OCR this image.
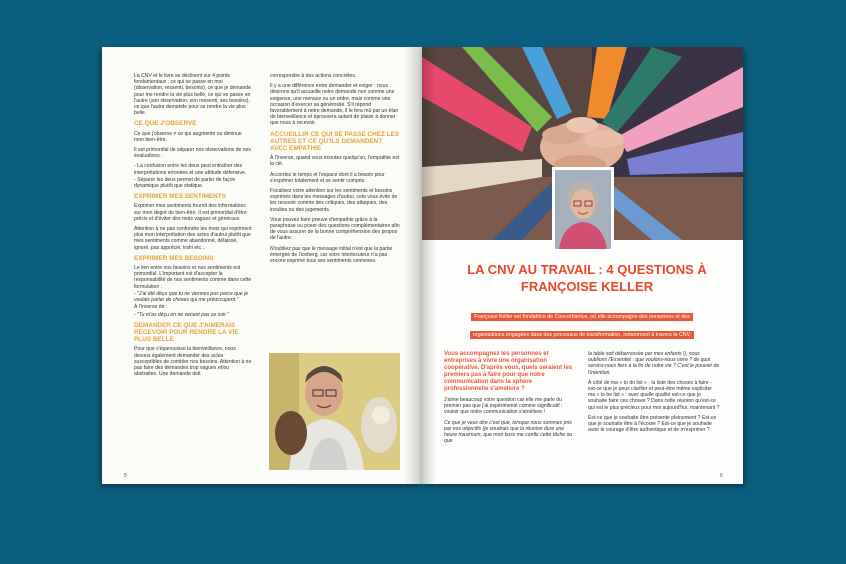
La CNV et le livre se déclinent sur 4 points fondamentaux : ce qui se passe en moi (observation, ressenti, besoins), ce que je demande pour me rendre la vie plus belle, ce qui se passe en l'autre (son observation, son ressenti, ses besoins), ce que l'autre demande pour se rendre la vie plus belle.

CE QUE J'OBSERVE

Ce que j'observe ≠ ce qui augmente ou diminue mon bien-être.

Il est primordial de séparer nos observations de nos évaluations :

- La confusion entre les deux peut entraîner des interprétations erronées et une attitude défensive.

- Séparer les deux permet de parler de façon dynamique plutôt que statique.

EXPRIMER MES SENTIMENTS

Exprimer mes sentiments fournit des informations sur mon degré de bien-être. Il est primordial d'être précis et d'éviter des mots vagues et généraux.

Attention à ne pas confondre les mots qui expriment plus mon interprétation des actes d'autrui plutôt que mes sentiments comme abandonné, délaissé, ignoré, pas apprécié, trahi etc...

EXPRIMER MES BESOINS

Le lien entre nos besoins et nos sentiments est primordial. L'important est d'accepter la responsabilité de nos sentiments comme dans cette formulation :

- "J'ai été déçu que tu ne viennes pas parce que je voulais parler de choses qui me préoccupent."

À l'inverse de :

- "Tu m'as déçu en ne venant pas ce soir."

DEMANDER CE QUE J'AIMERAIS RECEVOIR POUR RENDRE LA VIE PLUS BELLE

Pour que s'épanouisse la bienveillance, nous devons également demander des actes susceptibles de combler nos besoins. Attention à ne pas faire des demandes trop vagues et/ou abstraites. Une demande doit

correspondre à des actions concrètes.

Il y a une différence entre demander et exiger : nous désirons qu'il accueille notre demande non comme une exigence, une menace ou un ordre, mais comme une occasion d'exercer sa générosité. S'il répond favorablement à notre demande, il le fera mû par un élan de bienveillance et éprouvera autant de plaisir à donner que nous à recevoir.

ACCUEILLIR CE QUI SE PASSE CHEZ LES AUTRES ET CE QU'ILS DEMANDENT AVEC EMPATHIE

À l'inverse, quand vous écoutez quelqu'un, l'empathie est la clé.

Accordez le temps et l'espace dont il a besoin pour s'exprimer totalement et se sentir compris.

Focalisez votre attention sur les sentiments et besoins exprimés dans les messages d'autrui, cela vous évite de les recevoir comme des critiques, des attaques, des insultes ou des jugements.

Vous pouvez faire preuve d'empathie grâce à la paraphrase ou poser des questions complémentaires afin de vous assurer de la bonne compréhension des propos de l'autre.

N'oubliez pas que le message initial n'est que la partie émergée de l'iceberg, car votre interlocuteur n'a pas encore exprimé tous ses sentiments connexes.

5
LA CNV AU TRAVAIL : 4 QUESTIONS À FRANÇOISE KELLER
Françoise Keller est fondatrice de Concerbience, où elle accompagne des personnes et des organisations engagées dans des processus de transformation, notamment à travers la CNV.

Vous accompagnez les personnes et entreprises à vivre une organisation coopérative. D'après vous, quels seraient les premiers pas à faire pour que notre communication dans la sphère professionnelle s'améliore ?

J'aime beaucoup votre question car elle me parle du premier pas que j'ai expérimenté comme significatif : vouloir que notre communication s'améliore !

Ce que je veux dire c'est que, lorsque nous sommes pris par nos objectifs (je voudrais que la réunion dure une heure maximum, que mon boss me confie cette tâche ou que

la table soit débarrassée par mes enfants !), nous oublions l'Essentiel : que voulons-nous vivre ? de quoi serons-nous fiers à la fin de notre vie ? C'est le pouvoir de l'intention.

À côté de ma « to do list » - la liste des choses à faire - est-ce que je peux clarifier et peut-être même expliciter ma « to be list » : avec quelle qualité est-ce que je souhaite faire ces choses ? Dans cette réunion qu'est-ce qui est le plus précieux pour moi aujourd'hui, maintenant ?

Est-ce que je souhaite être présente pleinement ? Est-ce que je souhaite être à l'écoute ? Est-ce que je souhaite avoir le courage d'être authentique et de m'exprimer ?

6
